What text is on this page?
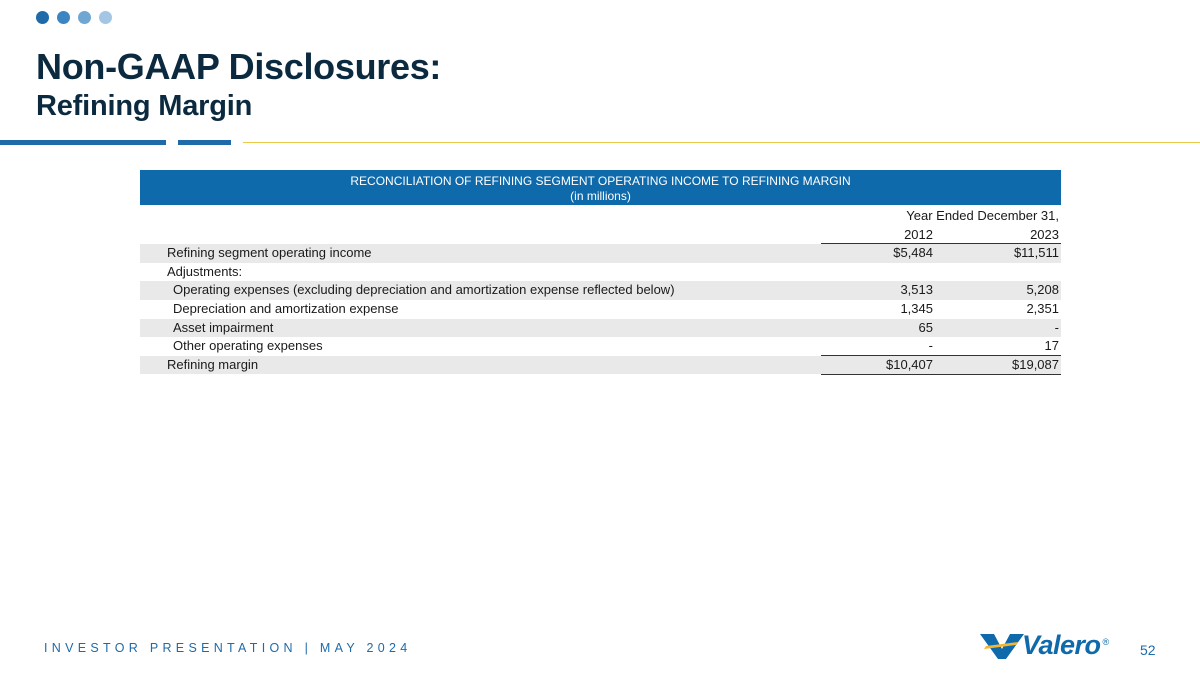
Non-GAAP Disclosures:
Refining Margin
RECONCILIATION OF REFINING SEGMENT OPERATING INCOME TO REFINING MARGIN
(in millions)
Year Ended December 31,
2012	2023
Refining segment operating income	$5,484	$11,511
Adjustments:
Operating expenses (excluding depreciation and amortization expense reflected below)	3,513	5,208
Depreciation and amortization expense	1,345	2,351
Asset impairment	65	-
Other operating expenses	-	17
Refining margin	$10,407	$19,087
INVESTOR PRESENTATION | MAY 2024	Valero ®
52
